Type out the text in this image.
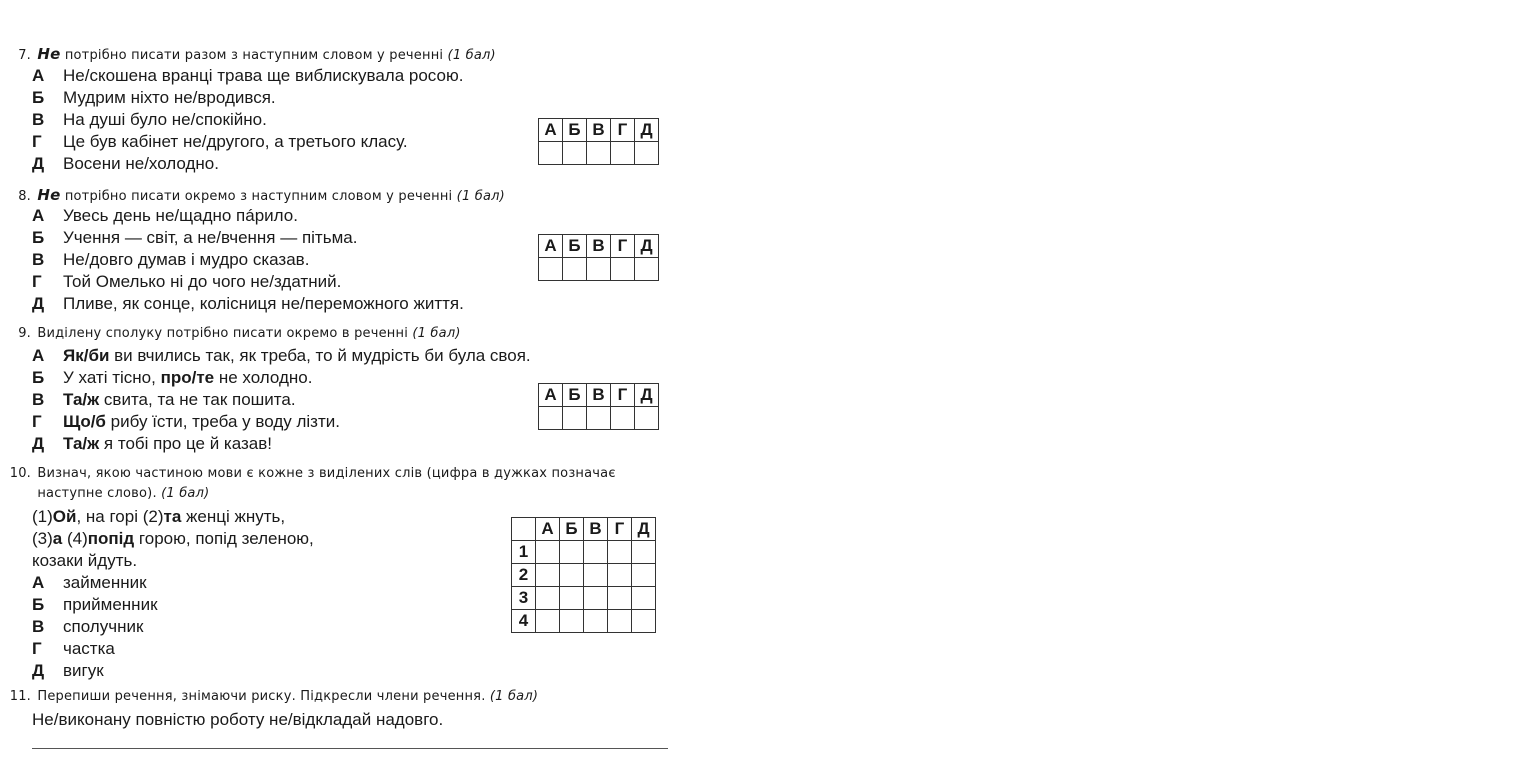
7. Не потрібно писати разом з наступним словом у реченні (1 бал)
А Не/скошена вранці трава ще виблискувала росою.
Б Мудрим ніхто не/вродився.
В На душі було не/спокійно.
Г Це був кабінет не/другого, а третього класу.
Д Восени не/холодно.
А	Б	В	Г	Д

8. Не потрібно писати окремо з наступним словом у реченні (1 бал)
А Увесь день не/щадно пáрило.
Б Учення — світ, а не/вчення — пітьма.
В Не/довго думав і мудро сказав.
Г Той Омелько ні до чого не/здатний.
Д Пливе, як сонце, колісниця не/переможного життя.
А	Б	В	Г	Д

9. Виділену сполуку потрібно писати окремо в реченні (1 бал)
А Як/би ви вчились так, як треба, то й мудрість би була своя.
Б У хаті тісно, про/те не холодно.
В Та/ж свита, та не так пошита.
Г Що/б рибу їсти, треба у воду лізти.
Д Та/ж я тобі про це й казав!
А	Б	В	Г	Д

10. Визнач, якою частиною мови є кожне з виділених слів (цифра в дужках позначає
наступне слово). (1 бал)
(1)Ой, на горі (2)та женці жнуть,
(3)а (4)попід горою, попід зеленою,
козаки йдуть.
А займенник
Б прийменник
В сполучник
Г частка
Д вигук
	А	Б	В	Г	Д
1					
2					
3					
4					
11. Перепиши речення, знімаючи риску. Підкресли члени речення. (1 бал)
Не/виконану повністю роботу не/відкладай надовго.
